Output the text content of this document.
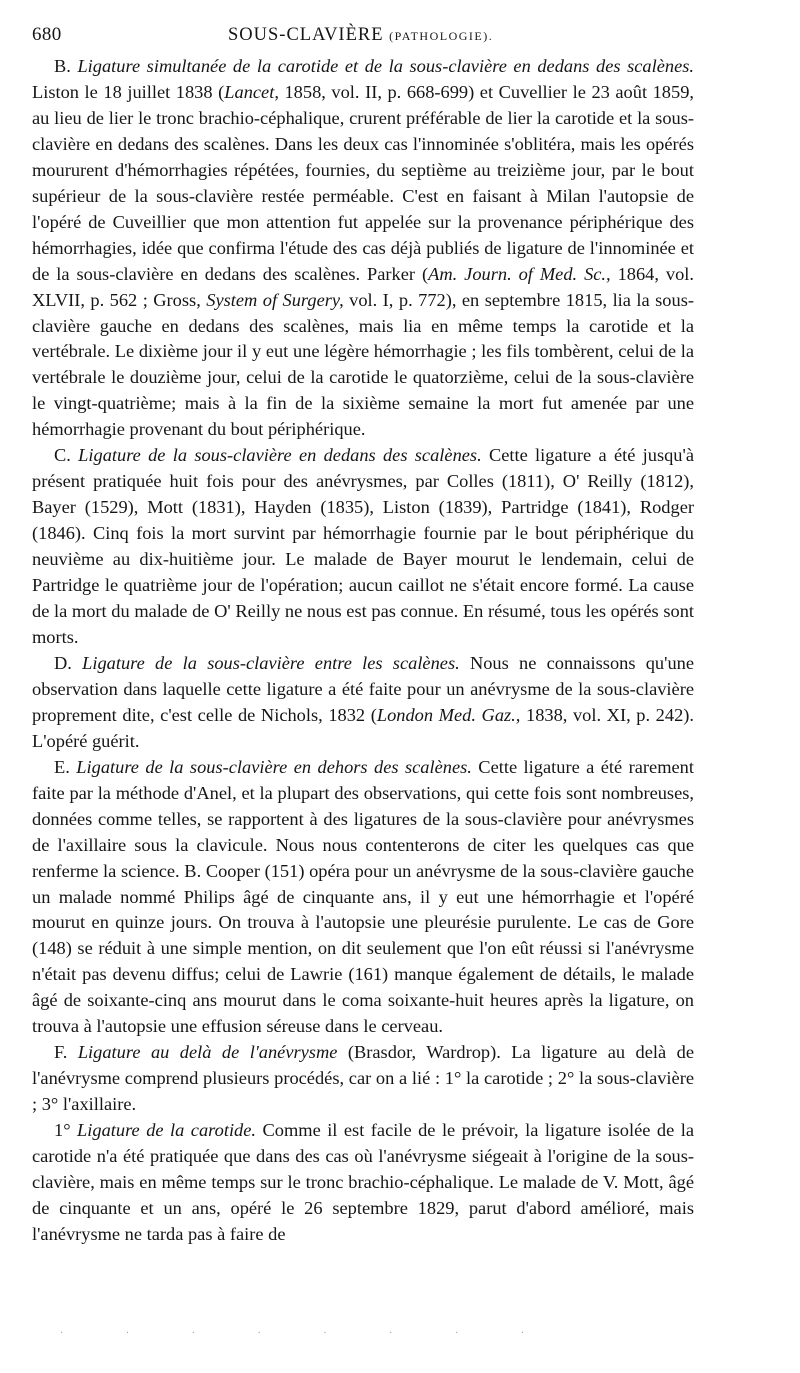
680	SOUS-CLAVIÈRE (PATHOLOGIE).

B. Ligature simultanée de la carotide et de la sous-clavière en dedans des scalènes. Liston le 18 juillet 1838 (Lancet, 1858, vol. II, p. 668-699) et Cuvellier le 23 août 1859, au lieu de lier le tronc brachio-céphalique, crurent préférable de lier la carotide et la sous-clavière en dedans des scalènes. Dans les deux cas l'innominée s'oblitéra, mais les opérés moururent d'hémorrhagies répétées, fournies, du septième au treizième jour, par le bout supérieur de la sous-clavière restée perméable. C'est en faisant à Milan l'autopsie de l'opéré de Cuveillier que mon attention fut appelée sur la provenance périphérique des hémorrhagies, idée que confirma l'étude des cas déjà publiés de ligature de l'innominée et de la sous-clavière en dedans des scalènes. Parker (Am. Journ. of Med. Sc., 1864, vol. XLVII, p. 562 ; Gross, System of Surgery, vol. I, p. 772), en septembre 1815, lia la sous-clavière gauche en dedans des scalènes, mais lia en même temps la carotide et la vertébrale. Le dixième jour il y eut une légère hémorrhagie ; les fils tombèrent, celui de la vertébrale le douzième jour, celui de la carotide le quatorzième, celui de la sous-clavière le vingt-quatrième; mais à la fin de la sixième semaine la mort fut amenée par une hémorrhagie provenant du bout périphérique.

C. Ligature de la sous-clavière en dedans des scalènes. Cette ligature a été jusqu'à présent pratiquée huit fois pour des anévrysmes, par Colles (1811), O' Reilly (1812), Bayer (1529), Mott (1831), Hayden (1835), Liston (1839), Partridge (1841), Rodger (1846). Cinq fois la mort survint par hémorrhagie fournie par le bout périphérique du neuvième au dix-huitième jour. Le malade de Bayer mourut le lendemain, celui de Partridge le quatrième jour de l'opération; aucun caillot ne s'était encore formé. La cause de la mort du malade de O' Reilly ne nous est pas connue. En résumé, tous les opérés sont morts.

D. Ligature de la sous-clavière entre les scalènes. Nous ne connaissons qu'une observation dans laquelle cette ligature a été faite pour un anévrysme de la sous-clavière proprement dite, c'est celle de Nichols, 1832 (London Med. Gaz., 1838, vol. XI, p. 242). L'opéré guérit.

E. Ligature de la sous-clavière en dehors des scalènes. Cette ligature a été rarement faite par la méthode d'Anel, et la plupart des observations, qui cette fois sont nombreuses, données comme telles, se rapportent à des ligatures de la sous-clavière pour anévrysmes de l'axillaire sous la clavicule. Nous nous contenterons de citer les quelques cas que renferme la science. B. Cooper (151) opéra pour un anévrysme de la sous-clavière gauche un malade nommé Philips âgé de cinquante ans, il y eut une hémorrhagie et l'opéré mourut en quinze jours. On trouva à l'autopsie une pleurésie purulente. Le cas de Gore (148) se réduit à une simple mention, on dit seulement que l'on eût réussi si l'anévrysme n'était pas devenu diffus; celui de Lawrie (161) manque également de détails, le malade âgé de soixante-cinq ans mourut dans le coma soixante-huit heures après la ligature, on trouva à l'autopsie une effusion séreuse dans le cerveau.

F. Ligature au delà de l'anévrysme (Brasdor, Wardrop). La ligature au delà de l'anévrysme comprend plusieurs procédés, car on a lié : 1° la carotide ; 2° la sous-clavière ; 3° l'axillaire.

1° Ligature de la carotide. Comme il est facile de le prévoir, la ligature isolée de la carotide n'a été pratiquée que dans des cas où l'anévrysme siégeait à l'origine de la sous-clavière, mais en même temps sur le tronc brachio-céphalique. Le malade de V. Mott, âgé de cinquante et un ans, opéré le 26 septembre 1829, parut d'abord amélioré, mais l'anévrysme ne tarda pas à faire de

· · · · · · · ·
